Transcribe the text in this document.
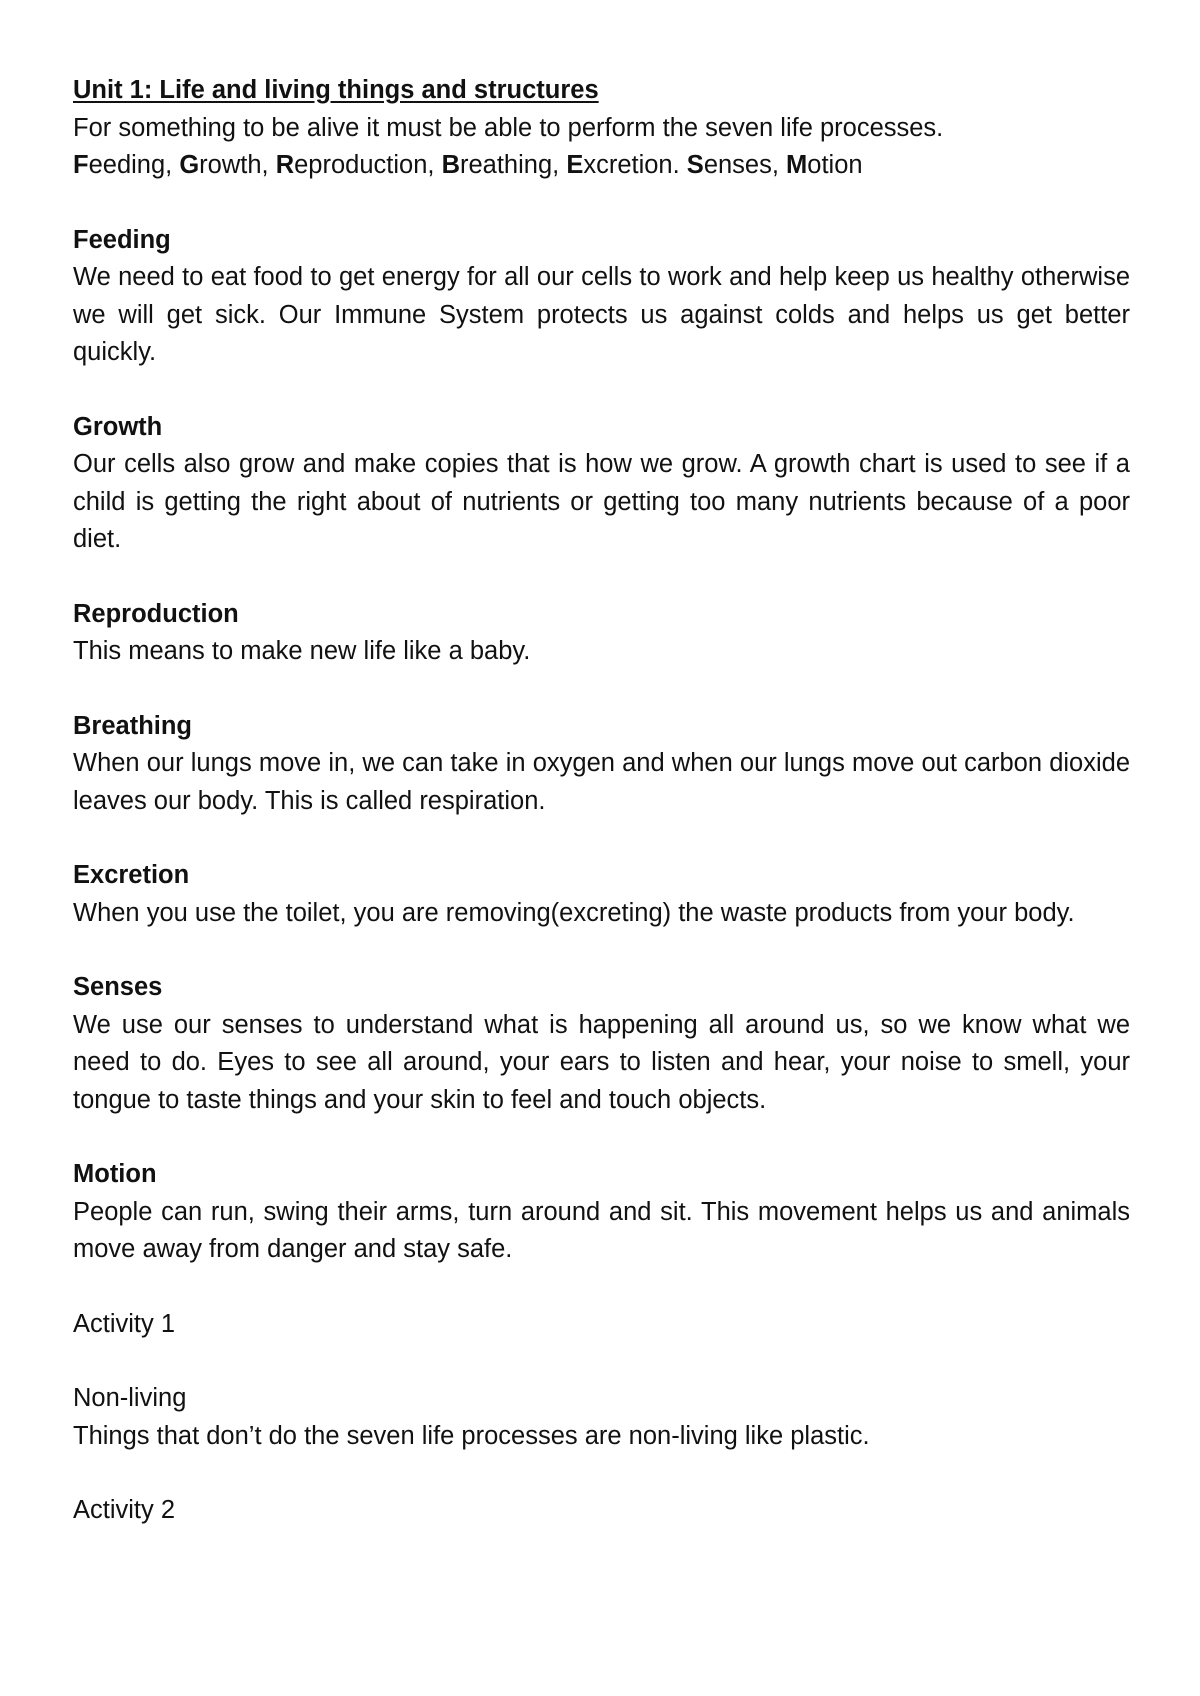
Unit 1: Life and living things and structures

For something to be alive it must be able to perform the seven life processes.

Feeding, Growth, Reproduction, Breathing, Excretion. Senses, Motion

Feeding

We need to eat food to get energy for all our cells to work and help keep us healthy otherwise we will get sick. Our Immune System protects us against colds and helps us get better quickly.

Growth

Our cells also grow and make copies that is how we grow. A growth chart is used to see if a child is getting the right about of nutrients or getting too many nutrients because of a poor diet.

Reproduction

This means to make new life like a baby.

Breathing

When our lungs move in, we can take in oxygen and when our lungs move out carbon dioxide leaves our body. This is called respiration.

Excretion

When you use the toilet, you are removing(excreting) the waste products from your body.

Senses

We use our senses to understand what is happening all around us, so we know what we need to do. Eyes to see all around, your ears to listen and hear, your noise to smell, your tongue to taste things and your skin to feel and touch objects.

Motion

People can run, swing their arms, turn around and sit. This movement helps us and animals move away from danger and stay safe.

Activity 1

Non-living

Things that don’t do the seven life processes are non-living like plastic.

Activity 2
